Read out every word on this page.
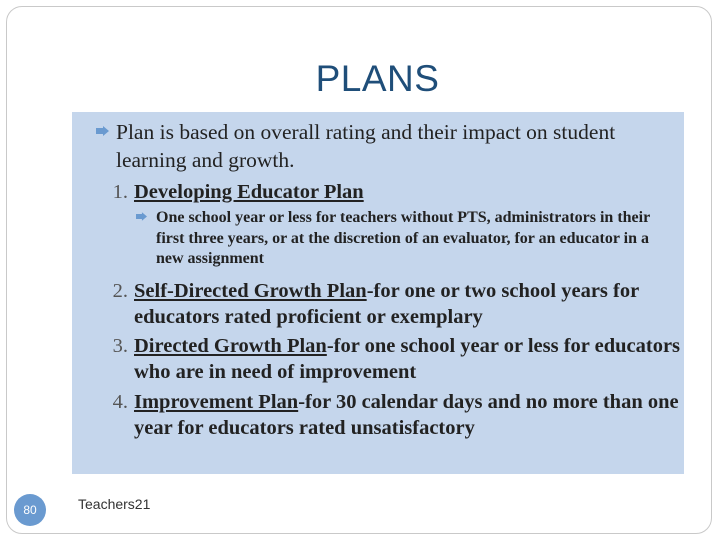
PLANS
Plan is based on overall rating and their impact on student learning and growth.
1. Developing Educator Plan
One school year or less for teachers without PTS, administrators in their first three years, or at the discretion of an evaluator, for an educator in a new assignment
2. Self-Directed Growth Plan-for one or two school years for educators rated proficient or exemplary
3. Directed Growth Plan-for one school year or less for educators who are in need of improvement
4. Improvement Plan-for 30 calendar days and no more than one year for educators rated unsatisfactory
80	Teachers21
